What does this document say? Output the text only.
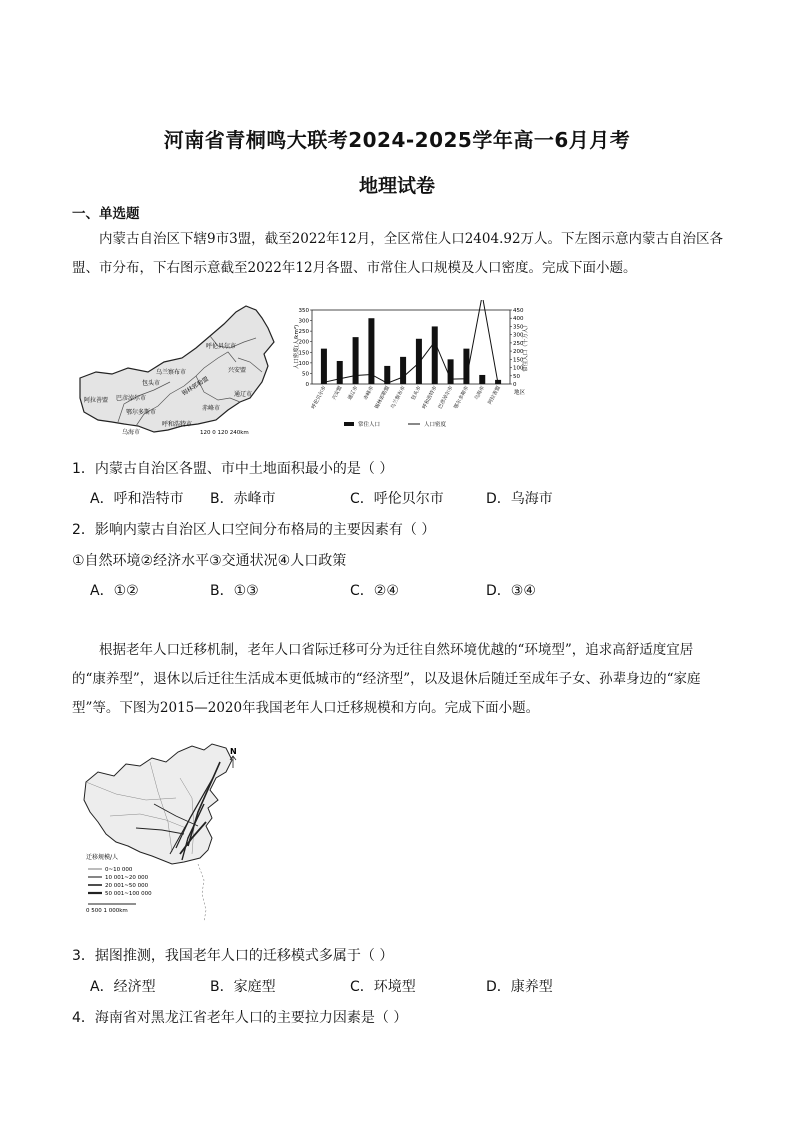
河南省青桐鸣大联考2024-2025学年高一6月月考
地理试卷
一、单选题
内蒙古自治区下辖9市3盟，截至2022年12月，全区常住人口2404.92万人。下左图示意内蒙古自治区各盟、市分布，下右图示意截至2022年12月各盟、市常住人口规模及人口密度。完成下面小题。
呼伦贝尔市
兴安盟
通辽市
赤峰市
锡林郭勒盟
乌兰察布市
包头市
巴彦淖尔市
阿拉善盟
鄂尔多斯市
乌海市
呼和浩特市
120 0 120 240km
0
50
100
150
200
250
300
350
0
50
100
150
200
250
300
350
400
450
人口密度(人/km²)	常住人口（十万人）
呼伦贝尔市 兴安盟 通辽市 赤峰市
锡林郭勒盟
乌兰察布市 包头市
呼和浩特市
巴彦淖尔市
鄂尔多斯市 乌海市 阿拉善盟 地区
常住人口	人口密度
1．内蒙古自治区各盟、市中土地面积最小的是（ ）
A．呼和浩特市 B．赤峰市	C．呼伦贝尔市	D．乌海市
2．影响内蒙古自治区人口空间分布格局的主要因素有（ ）
①自然环境②经济水平③交通状况④人口政策
A．①②	B．①③	C．②④	D．③④
根据老年人口迁移机制，老年人口省际迁移可分为迁往自然环境优越的“环境型”，追求高舒适度宜居的“康养型”，退休以后迁往生活成本更低城市的“经济型”，以及退休后随迁至成年子女、孙辈身边的“家庭型”等。下图为2015—2020年我国老年人口迁移规模和方向。完成下面小题。
N
迁移规模/人
0~10 000
10 001~20 000
20 001~50 000
50 001~100 000
0 500 1 000km
3．据图推测，我国老年人口的迁移模式多属于（ ）
A．经济型	B．家庭型	C．环境型	D．康养型
4．海南省对黑龙江省老年人口的主要拉力因素是（ ）
